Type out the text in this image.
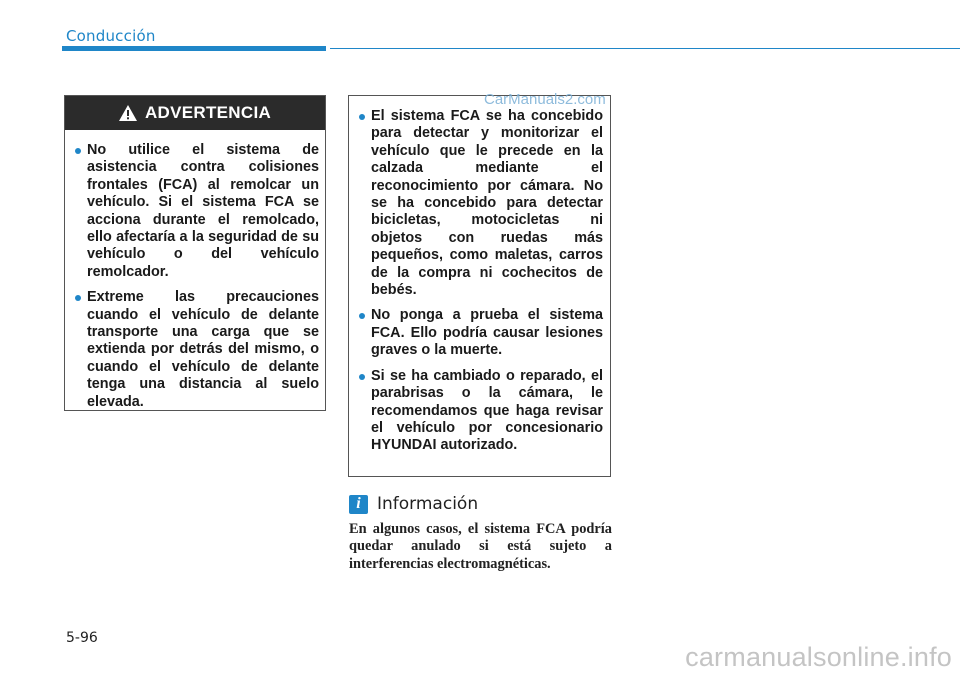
Conducción
ADVERTENCIA
No utilice el sistema de asistencia contra colisiones frontales (FCA) al remolcar un vehículo. Si el sistema FCA se acciona durante el remolcado, ello afectaría a la seguridad de su vehículo o del vehículo remolcador.
Extreme las precauciones cuando el vehículo de delante transporte una carga que se extienda por detrás del mismo, o cuando el vehículo de delante tenga una distancia al suelo elevada.
El sistema FCA se ha concebido para detectar y monitorizar el vehículo que le precede en la calzada mediante el reconocimiento por cámara. No se ha concebido para detectar bicicletas, motocicletas ni objetos con ruedas más pequeños, como maletas, carros de la compra ni cochecitos de bebés.
No ponga a prueba el sistema FCA. Ello podría causar lesiones graves o la muerte.
Si se ha cambiado o reparado, el parabrisas o la cámara, le recomendamos que haga revisar el vehículo por concesionario HYUNDAI autorizado.
CarManuals2.com
i Información
En algunos casos, el sistema FCA podría quedar anulado si está sujeto a interferencias electromagnéticas.
5-96
carmanualsonline.info
